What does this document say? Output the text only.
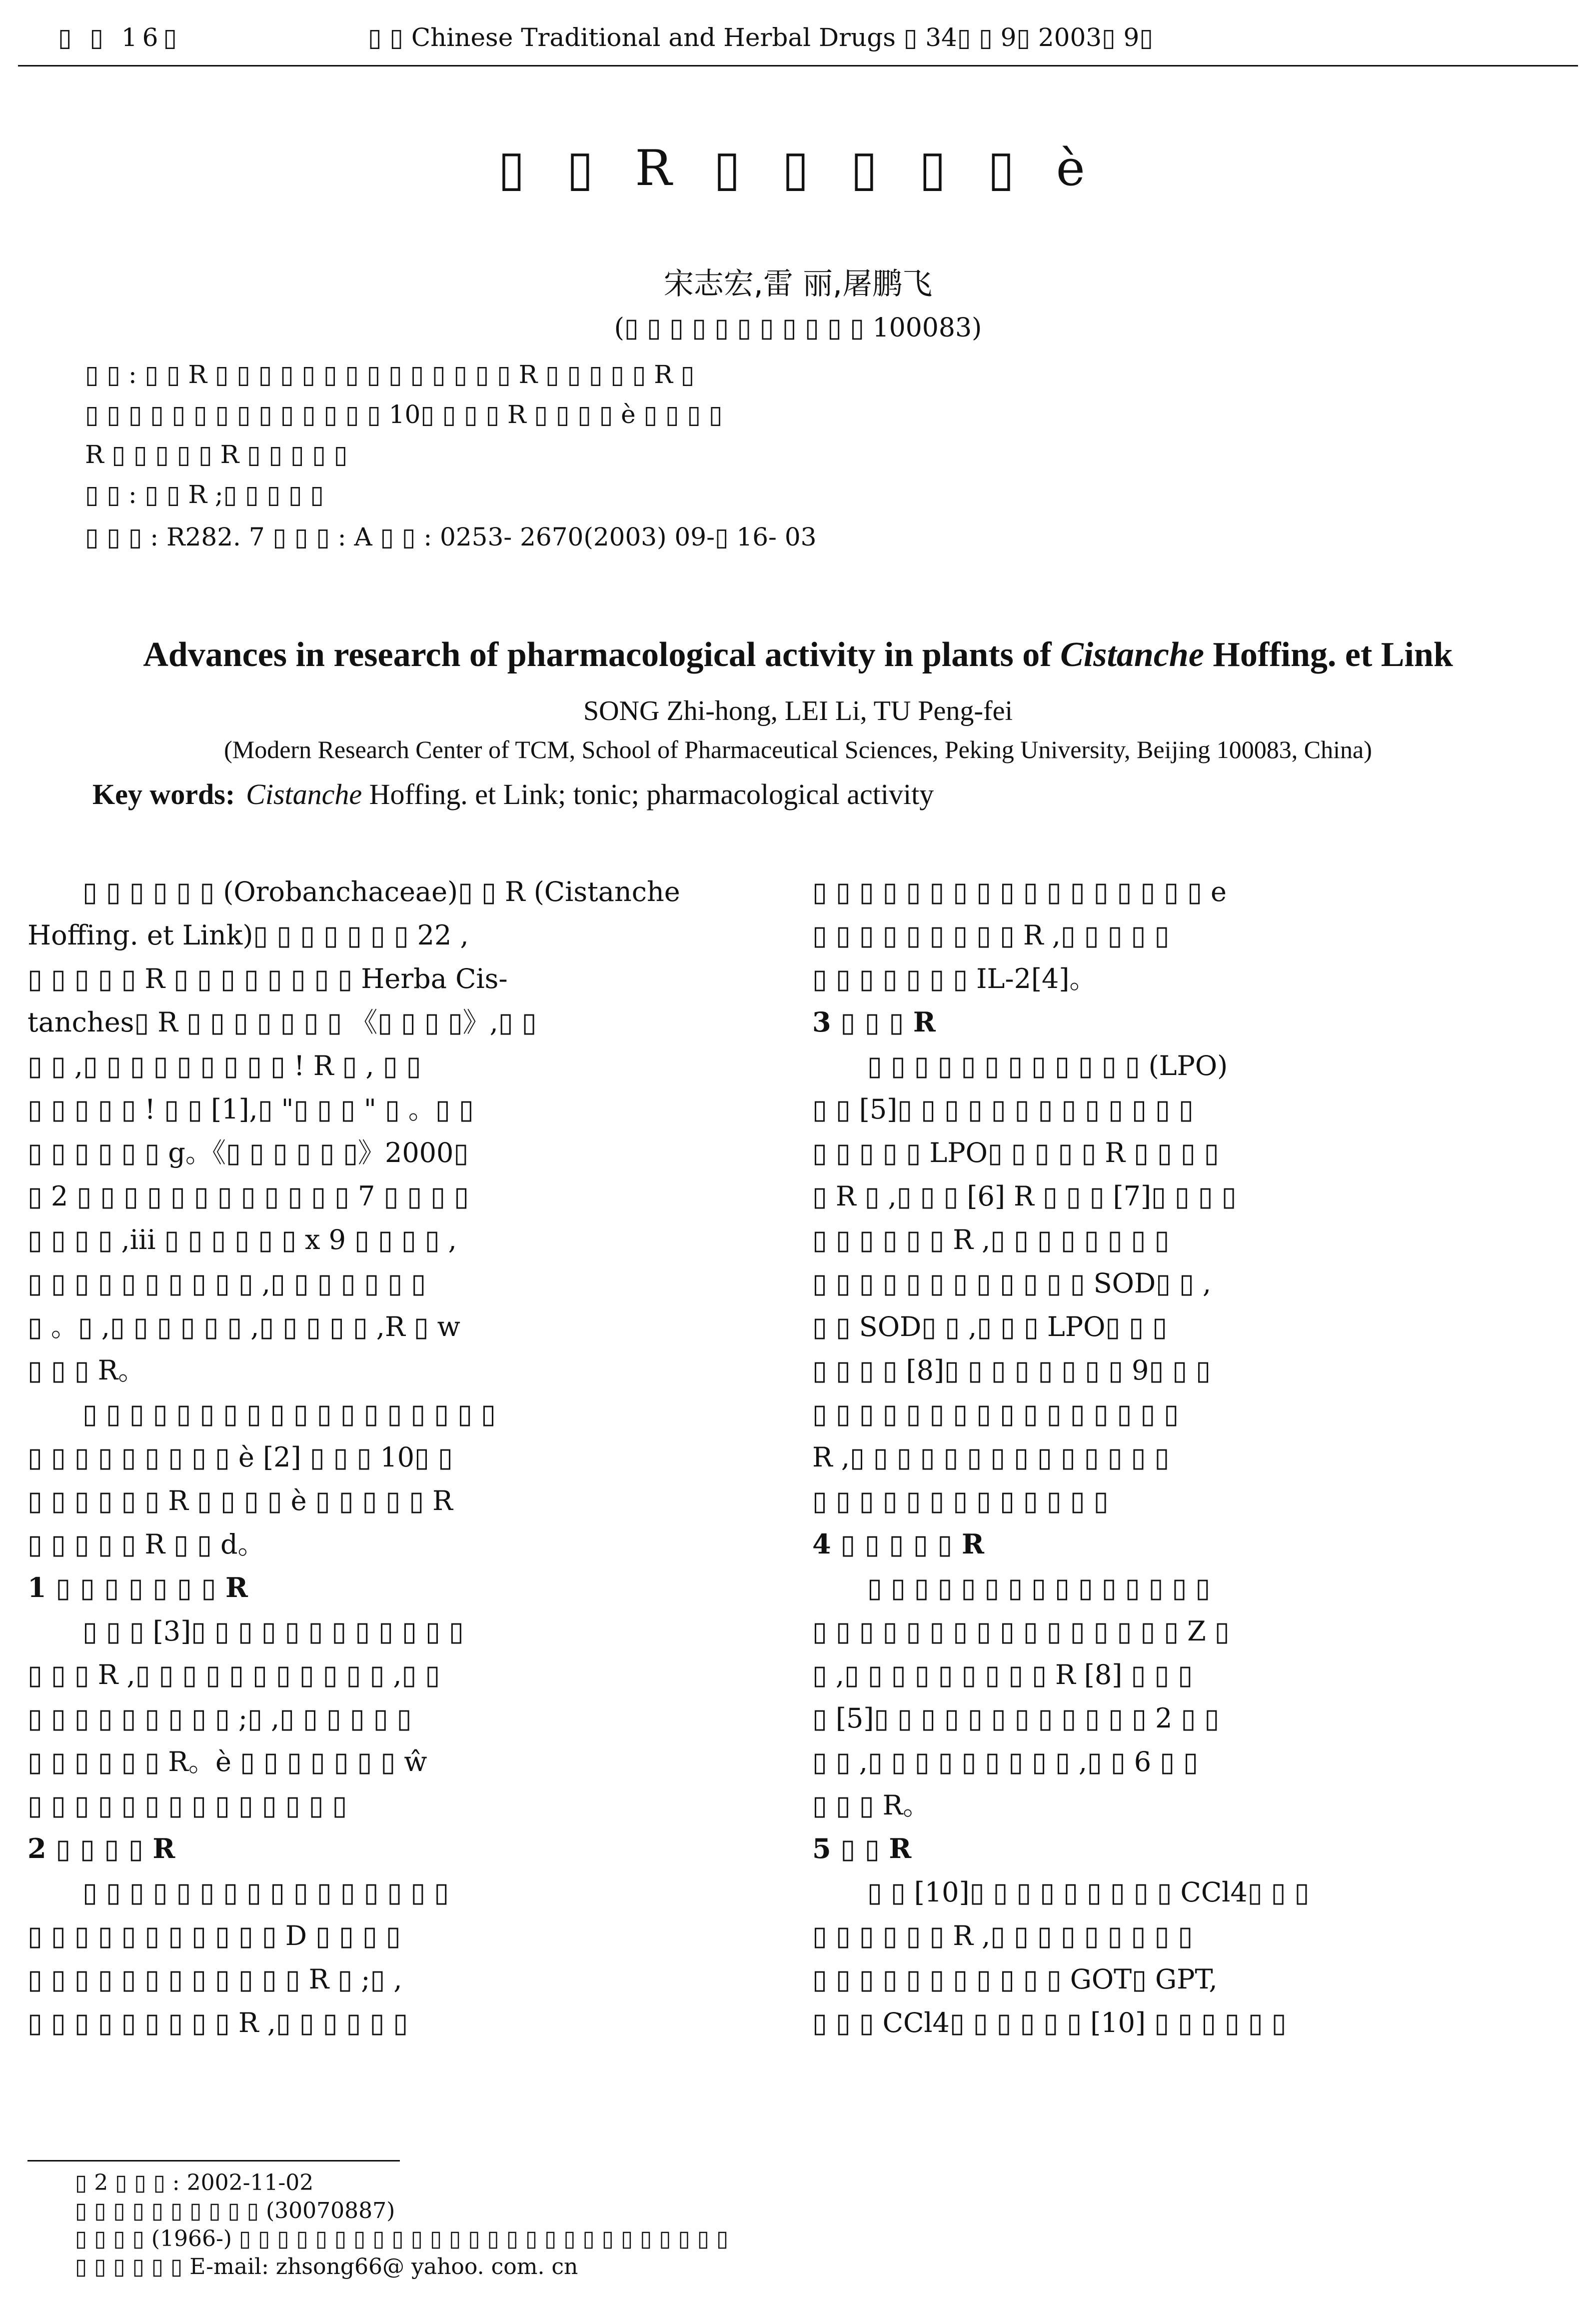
▯ ▯ 16▯	▯ ▯ Chinese Traditional and Herbal Drugs ▯ 34▯ ▯ 9▯ 2003▯ 9▯
▯ ▯ R ▯ ▯ ▯ ▯ ▯ è
宋志宏,雷 丽,屠鹏飞
(▯ ▯ ▯ ▯ ▯ ▯ ▯ ▯ ▯ ▯ ▯ 100083)
▯ ▯ : ▯ ▯ R ▯ ▯ ▯ ▯ ▯ ▯ ▯ ▯ ▯ ▯ ▯ ▯ ▯ ▯ R ▯ ▯ ▯ ▯ ▯ R ▯
▯ ▯ ▯ ▯ ▯ ▯ ▯ ▯ ▯ ▯ ▯ ▯ ▯ ▯ 10▯ ▯ ▯ ▯ R ▯ ▯ ▯ ▯ è ▯ ▯ ▯ ▯
R ▯ ▯ ▯ ▯ ▯ R ▯ ▯ ▯ ▯ ▯
▯ ▯ : ▯ ▯ R ;▯ ▯ ▯ ▯ ▯
▯ ▯ ▯ : R282. 7 ▯ ▯ ▯ : A ▯ ▯ : 0253- 2670(2003) 09-▯ 16- 03
Advances in research of pharmacological activity in plants of Cistanche Hoffing. et Link
SONG Zhi-hong, LEI Li, TU Peng-fei
(Modern Research Center of TCM, School of Pharmaceutical Sciences, Peking University, Beijing 100083, China)
Key words: Cistanche Hoffing. et Link; tonic; pharmacological activity

▯ ▯ ▯ ▯ ▯ ▯ (Orobanchaceae)▯ ▯ R (Cistanche

Hoffing. et Link)▯ ▯ ▯ ▯ ▯ ▯ ▯ 22 ,

▯ ▯ ▯ ▯ ▯ R ▯ ▯ ▯ ▯ ▯ ▯ ▯ ▯ Herba Cis-

tanches▯ R ▯ ▯ ▯ ▯ ▯ ▯ ▯ 《▯ ▯ ▯ ▯》,▯ ▯

▯ ▯ ,▯ ▯ ▯ ▯ ▯ ▯ ▯ ▯ ▯ ! R ▯ , ▯ ▯

▯ ▯ ▯ ▯ ▯ ! ▯ ▯ [1],▯ "▯ ▯ ▯ " ▯ 。▯ ▯

▯ ▯ ▯ ▯ ▯ ▯ g。《▯ ▯ ▯ ▯ ▯ ▯》2000▯

▯ 2 ▯ ▯ ▯ ▯ ▯ ▯ ▯ ▯ ▯ ▯ ▯ ▯ 7 ▯ ▯ ▯ ▯

▯ ▯ ▯ ▯ ,iii ▯ ▯ ▯ ▯ ▯ ▯ x 9 ▯ ▯ ▯ ▯ ,

▯ ▯ ▯ ▯ ▯ ▯ ▯ ▯ ▯ ▯ ,▯ ▯ ▯ ▯ ▯ ▯ ▯

▯ 。▯ ,▯ ▯ ▯ ▯ ▯ ▯ ,▯ ▯ ▯ ▯ ▯ ,R ▯ w

▯ ▯ ▯ R。

▯ ▯ ▯ ▯ ▯ ▯ ▯ ▯ ▯ ▯ ▯ ▯ ▯ ▯ ▯ ▯ ▯ ▯

▯ ▯ ▯ ▯ ▯ ▯ ▯ ▯ ▯ è [2] ▯ ▯ ▯ 10▯ ▯

▯ ▯ ▯ ▯ ▯ ▯ R ▯ ▯ ▯ ▯ è ▯ ▯ ▯ ▯ ▯ R

▯ ▯ ▯ ▯ ▯ R ▯ ▯ d。

1 ▯ ▯ ▯ ▯ ▯ ▯ ▯ R

▯ ▯ ▯ [3]▯ ▯ ▯ ▯ ▯ ▯ ▯ ▯ ▯ ▯ ▯ ▯

▯ ▯ ▯ R ,▯ ▯ ▯ ▯ ▯ ▯ ▯ ▯ ▯ ▯ ▯ ,▯ ▯

▯ ▯ ▯ ▯ ▯ ▯ ▯ ▯ ▯ ;▯ ,▯ ▯ ▯ ▯ ▯ ▯

▯ ▯ ▯ ▯ ▯ ▯ R。è ▯ ▯ ▯ ▯ ▯ ▯ ▯ ŵ

▯ ▯ ▯ ▯ ▯ ▯ ▯ ▯ ▯ ▯ ▯ ▯ ▯ ▯

2 ▯ ▯ ▯ ▯ R

▯ ▯ ▯ ▯ ▯ ▯ ▯ ▯ ▯ ▯ ▯ ▯ ▯ ▯ ▯ ▯

▯ ▯ ▯ ▯ ▯ ▯ ▯ ▯ ▯ ▯ ▯ D ▯ ▯ ▯ ▯

▯ ▯ ▯ ▯ ▯ ▯ ▯ ▯ ▯ ▯ ▯ ▯ R ▯ ;▯ ,

▯ ▯ ▯ ▯ ▯ ▯ ▯ ▯ ▯ R ,▯ ▯ ▯ ▯ ▯ ▯

▯ ▯ ▯ ▯ ▯ ▯ ▯ ▯ ▯ ▯ ▯ ▯ ▯ ▯ ▯ ▯ ▯ e

▯ ▯ ▯ ▯ ▯ ▯ ▯ ▯ ▯ R ,▯ ▯ ▯ ▯ ▯

▯ ▯ ▯ ▯ ▯ ▯ ▯ IL-2[4]。

3 ▯ ▯ ▯ R

▯ ▯ ▯ ▯ ▯ ▯ ▯ ▯ ▯ ▯ ▯ ▯ (LPO)

▯ ▯ [5]▯ ▯ ▯ ▯ ▯ ▯ ▯ ▯ ▯ ▯ ▯ ▯ ▯

▯ ▯ ▯ ▯ ▯ LPO▯ ▯ ▯ ▯ ▯ R ▯ ▯ ▯ ▯

▯ R ▯ ,▯ ▯ ▯ [6] R ▯ ▯ ▯ [7]▯ ▯ ▯ ▯

▯ ▯ ▯ ▯ ▯ ▯ R ,▯ ▯ ▯ ▯ ▯ ▯ ▯ ▯

▯ ▯ ▯ ▯ ▯ ▯ ▯ ▯ ▯ ▯ ▯ ▯ SOD▯ ▯ ,

▯ ▯ SOD▯ ▯ ,▯ ▯ ▯ LPO▯ ▯ ▯

▯ ▯ ▯ ▯ [8]▯ ▯ ▯ ▯ ▯ ▯ ▯ ▯ 9▯ ▯ ▯

▯ ▯ ▯ ▯ ▯ ▯ ▯ ▯ ▯ ▯ ▯ ▯ ▯ ▯ ▯ ▯

R ,▯ ▯ ▯ ▯ ▯ ▯ ▯ ▯ ▯ ▯ ▯ ▯ ▯ ▯

▯ ▯ ▯ ▯ ▯ ▯ ▯ ▯ ▯ ▯ ▯ ▯ ▯

4 ▯ ▯ ▯ ▯ ▯ R

▯ ▯ ▯ ▯ ▯ ▯ ▯ ▯ ▯ ▯ ▯ ▯ ▯ ▯ ▯

▯ ▯ ▯ ▯ ▯ ▯ ▯ ▯ ▯ ▯ ▯ ▯ ▯ ▯ ▯ ▯ Z ▯

▯ ,▯ ▯ ▯ ▯ ▯ ▯ ▯ ▯ ▯ R [8] ▯ ▯ ▯

▯ [5]▯ ▯ ▯ ▯ ▯ ▯ ▯ ▯ ▯ ▯ ▯ ▯ 2 ▯ ▯

▯ ▯ ,▯ ▯ ▯ ▯ ▯ ▯ ▯ ▯ ▯ ,▯ ▯ 6 ▯ ▯

▯ ▯ ▯ R。

5 ▯ ▯ R

▯ ▯ [10]▯ ▯ ▯ ▯ ▯ ▯ ▯ ▯ ▯ CCl4▯ ▯ ▯

▯ ▯ ▯ ▯ ▯ ▯ R ,▯ ▯ ▯ ▯ ▯ ▯ ▯ ▯ ▯

▯ ▯ ▯ ▯ ▯ ▯ ▯ ▯ ▯ ▯ ▯ GOT▯ GPT,

▯ ▯ ▯ CCl4▯ ▯ ▯ ▯ ▯ ▯ [10] ▯ ▯ ▯ ▯ ▯ ▯

▯ 2 ▯ ▯ ▯ : 2002-11-02

▯ ▯ ▯ ▯ ▯ ▯ ▯ ▯ ▯ ▯ (30070887)

▯ ▯ ▯ ▯ (1966-) ▯ ▯ ▯ ▯ ▯ ▯ ▯ ▯ ▯ ▯ ▯ ▯ ▯ ▯ ▯ ▯ ▯ ▯ ▯ ▯ ▯ ▯ ▯ ▯ ▯ ▯

▯ ▯ ▯ ▯ ▯ ▯ E-mail: zhsong66@ yahoo. com. cn
